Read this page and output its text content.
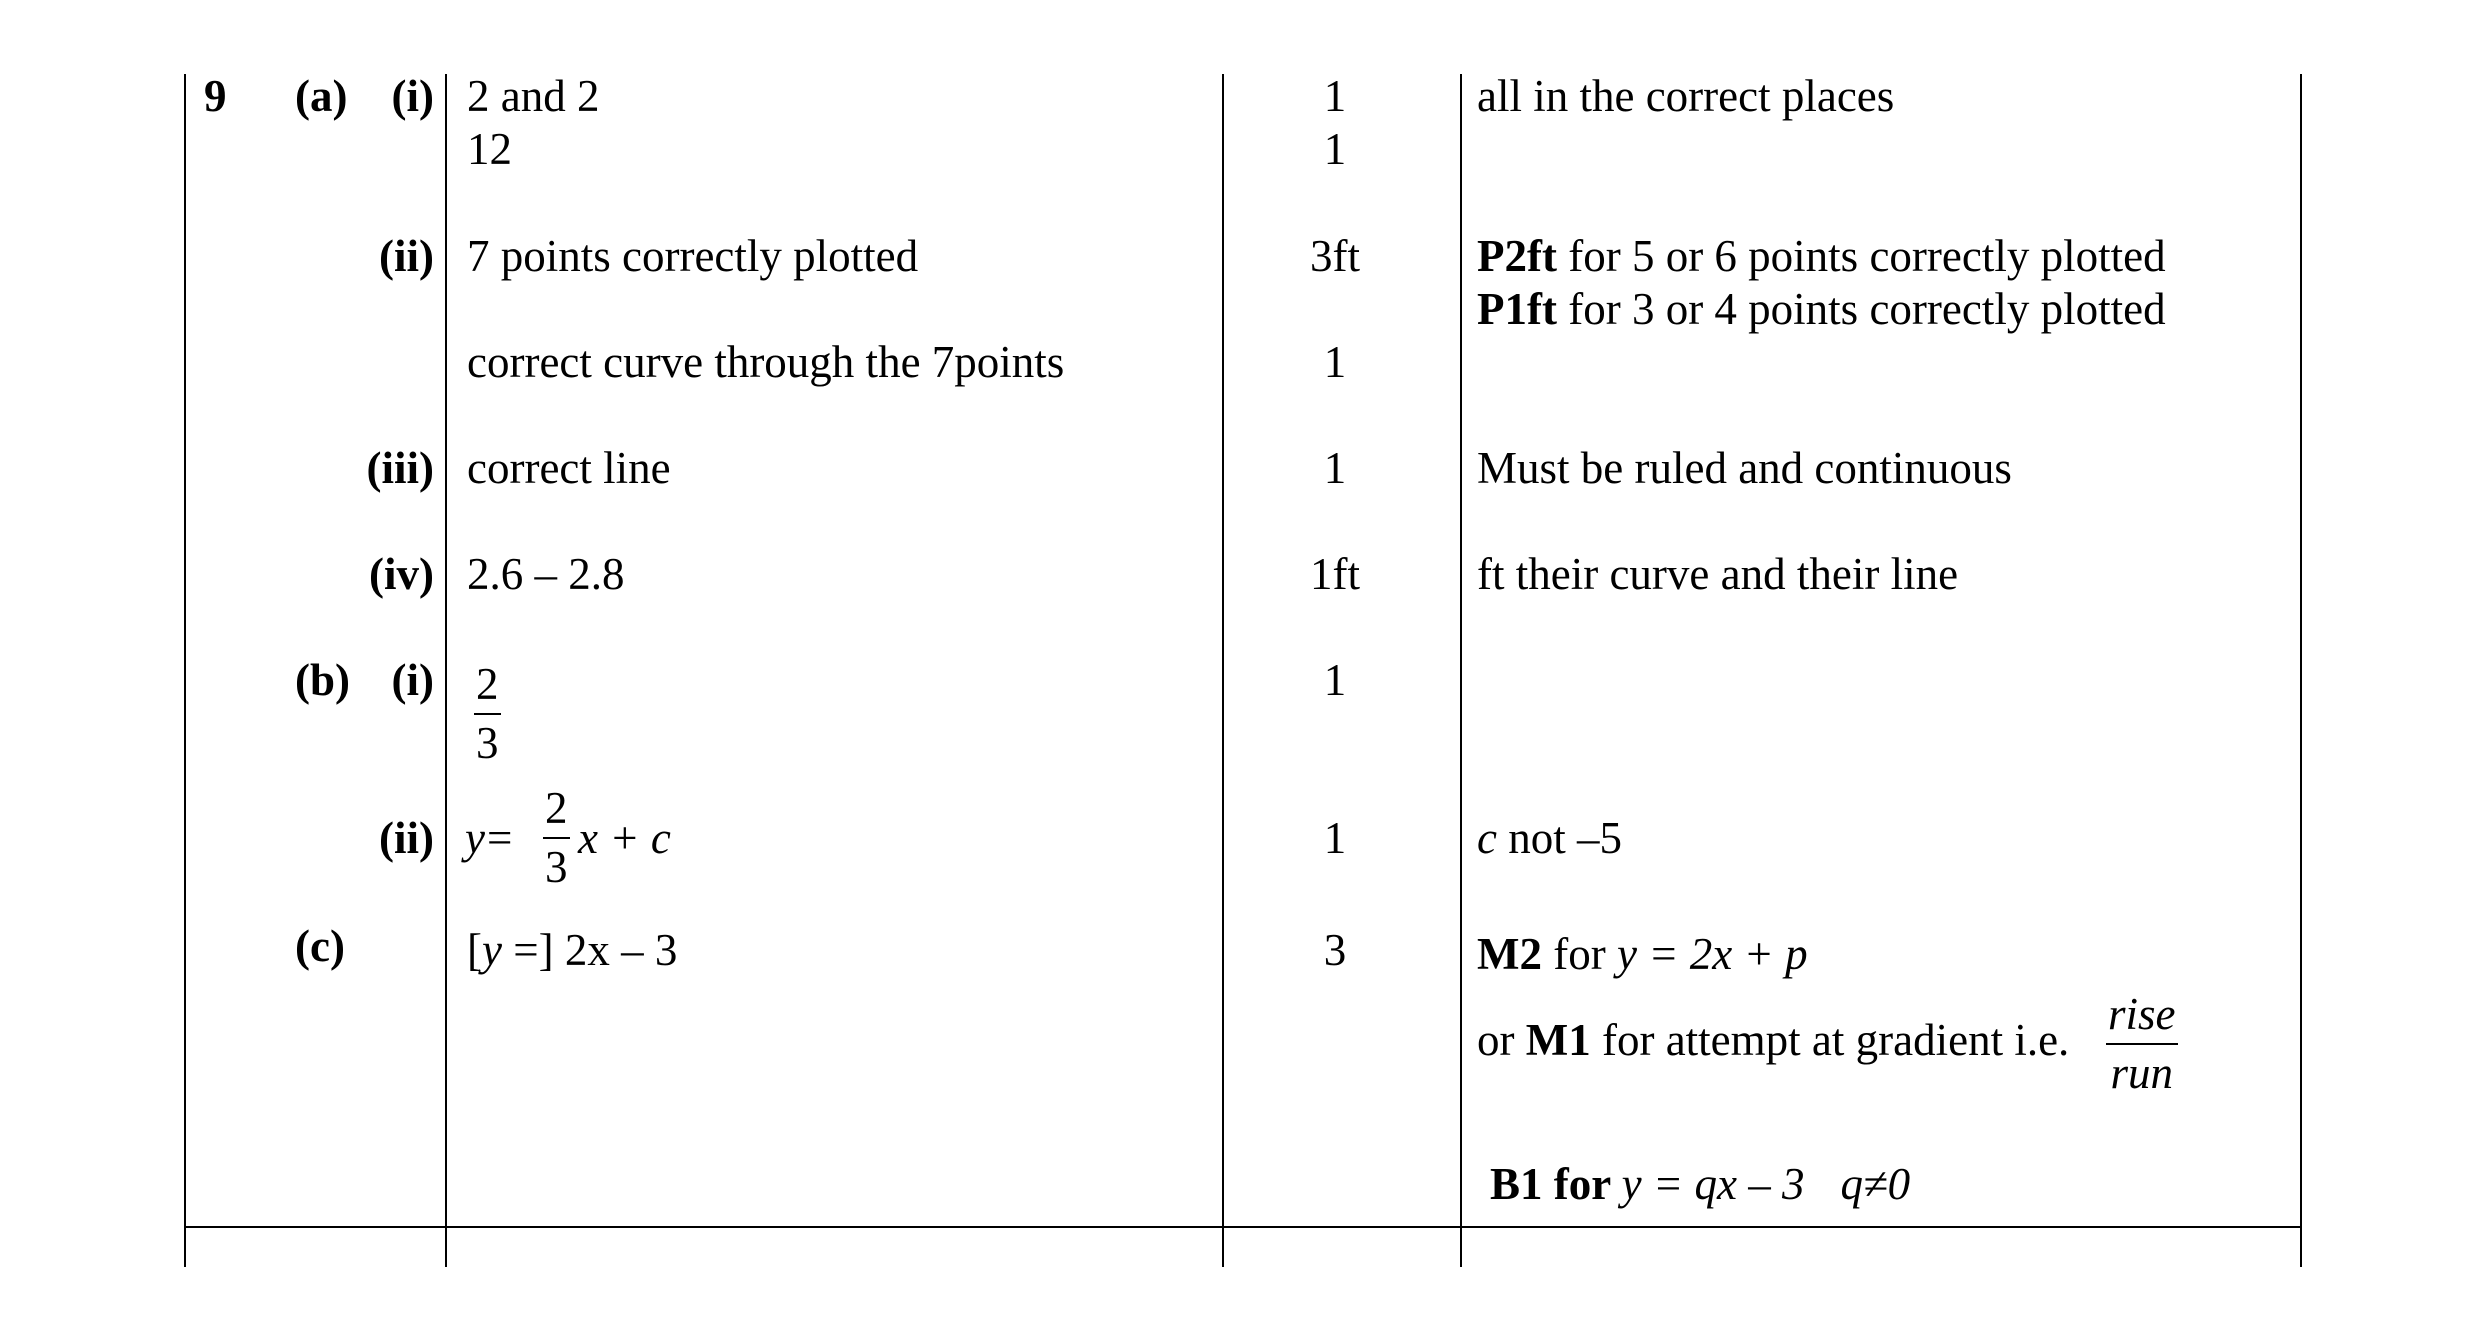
9 (a) (i)
(ii)
(iii)
(iv)
(b) (i)
(ii)
(c)
2 and 2
12
7 points correctly plotted
correct curve through the 7points
correct line
2.6 – 2.8
2
3
y =
2
3
x + c
[y =] 2x – 3
1
1
3ft
1
1
1ft
1
1
3
all in the correct places
P2ft for 5 or 6 points correctly plotted
P1ft for 3 or 4 points correctly plotted
Must be ruled and continuous
ft their curve and their line
c not –5
M2 for y = 2x + p
or M1 for attempt at gradient i.e.
rise
run
B1 for y = qx – 3 q≠0
